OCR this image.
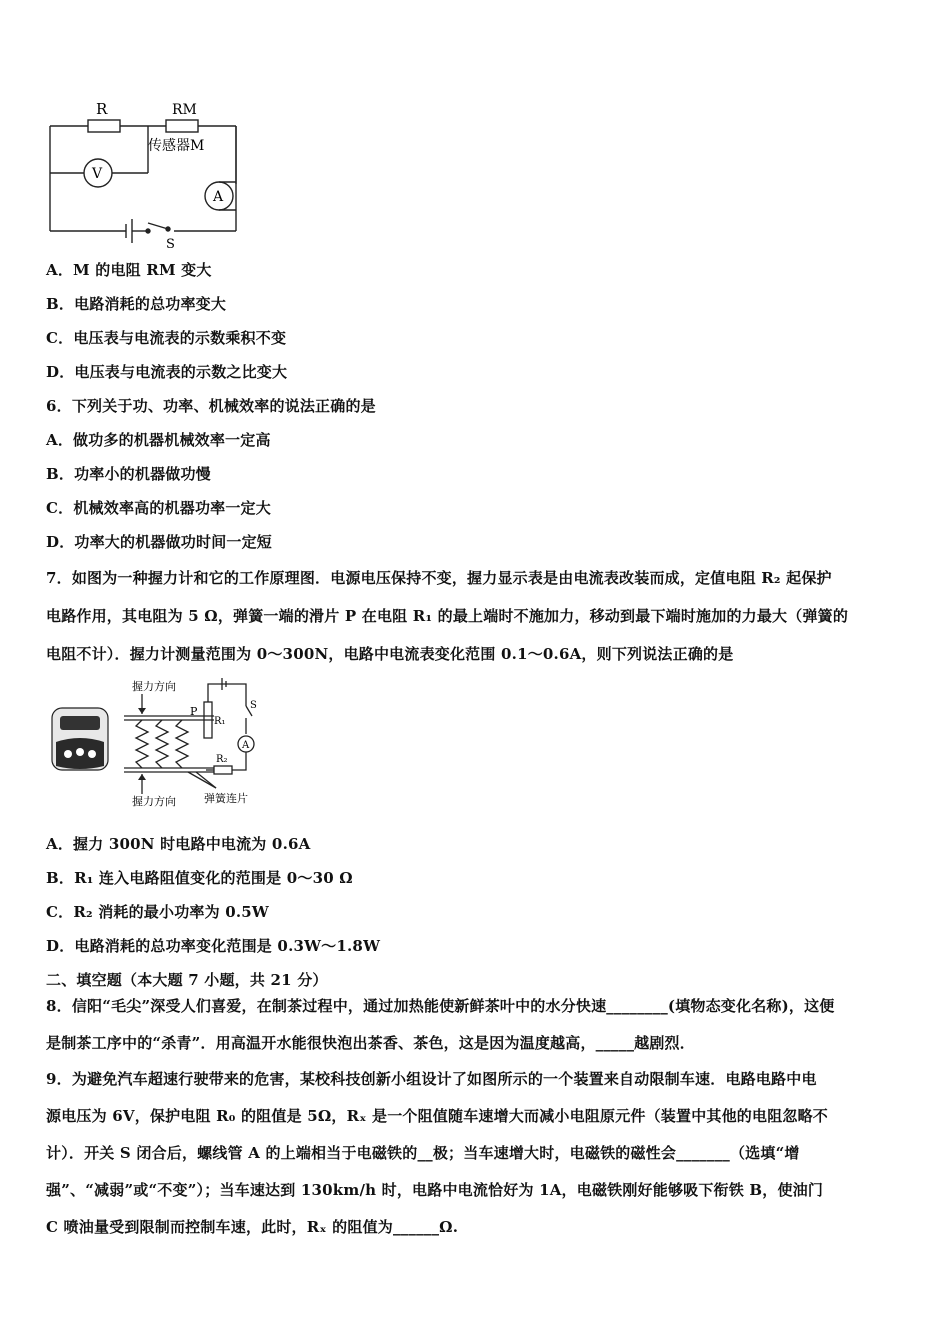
R	RM
传感器M
V
A
S
A．M 的电阻 RM 变大
B．电路消耗的总功率变大
C．电压表与电流表的示数乘积不变
D．电压表与电流表的示数之比变大
6．下列关于功、功率、机械效率的说法正确的是
A．做功多的机器机械效率一定高
B．功率小的机器做功慢
C．机械效率高的机器功率一定大
D．功率大的机器做功时间一定短
7．如图为一种握力计和它的工作原理图．电源电压保持不变，握力显示表是由电流表改装而成，定值电阻 R₂ 起保护
电路作用，其电阻为 5 Ω，弹簧一端的滑片 P 在电阻 R₁ 的最上端时不施加力，移动到最下端时施加的力最大（弹簧的
电阻不计）．握力计测量范围为 0～300N，电路中电流表变化范围 0.1～0.6A，则下列说法正确的是
握力方向
握力方向
P
R₁
S
A
R₂
弹簧连片
A．握力 300N 时电路中电流为 0.6A
B．R₁ 连入电路阻值变化的范围是 0～30 Ω
C．R₂ 消耗的最小功率为 0.5W
D．电路消耗的总功率变化范围是 0.3W～1.8W
二、填空题（本大题 7 小题，共 21 分）
8．信阳“毛尖”深受人们喜爱，在制茶过程中，通过加热能使新鲜茶叶中的水分快速________(填物态变化名称)，这便
是制茶工序中的“杀青”．用高温开水能很快泡出茶香、茶色，这是因为温度越高，_____越剧烈．
9．为避免汽车超速行驶带来的危害，某校科技创新小组设计了如图所示的一个装置来自动限制车速．电路电路中电
源电压为 6V，保护电阻 R₀ 的阻值是 5Ω，Rₓ 是一个阻值随车速增大而减小电阻原元件（装置中其他的电阻忽略不
计）．开关 S 闭合后，螺线管 A 的上端相当于电磁铁的__极；当车速增大时，电磁铁的磁性会_______（选填“增
强”、“减弱”或“不变”）；当车速达到 130km/h 时，电路中电流恰好为 1A，电磁铁刚好能够吸下衔铁 B，使油门
C 喷油量受到限制而控制车速，此时，Rₓ 的阻值为______Ω.
